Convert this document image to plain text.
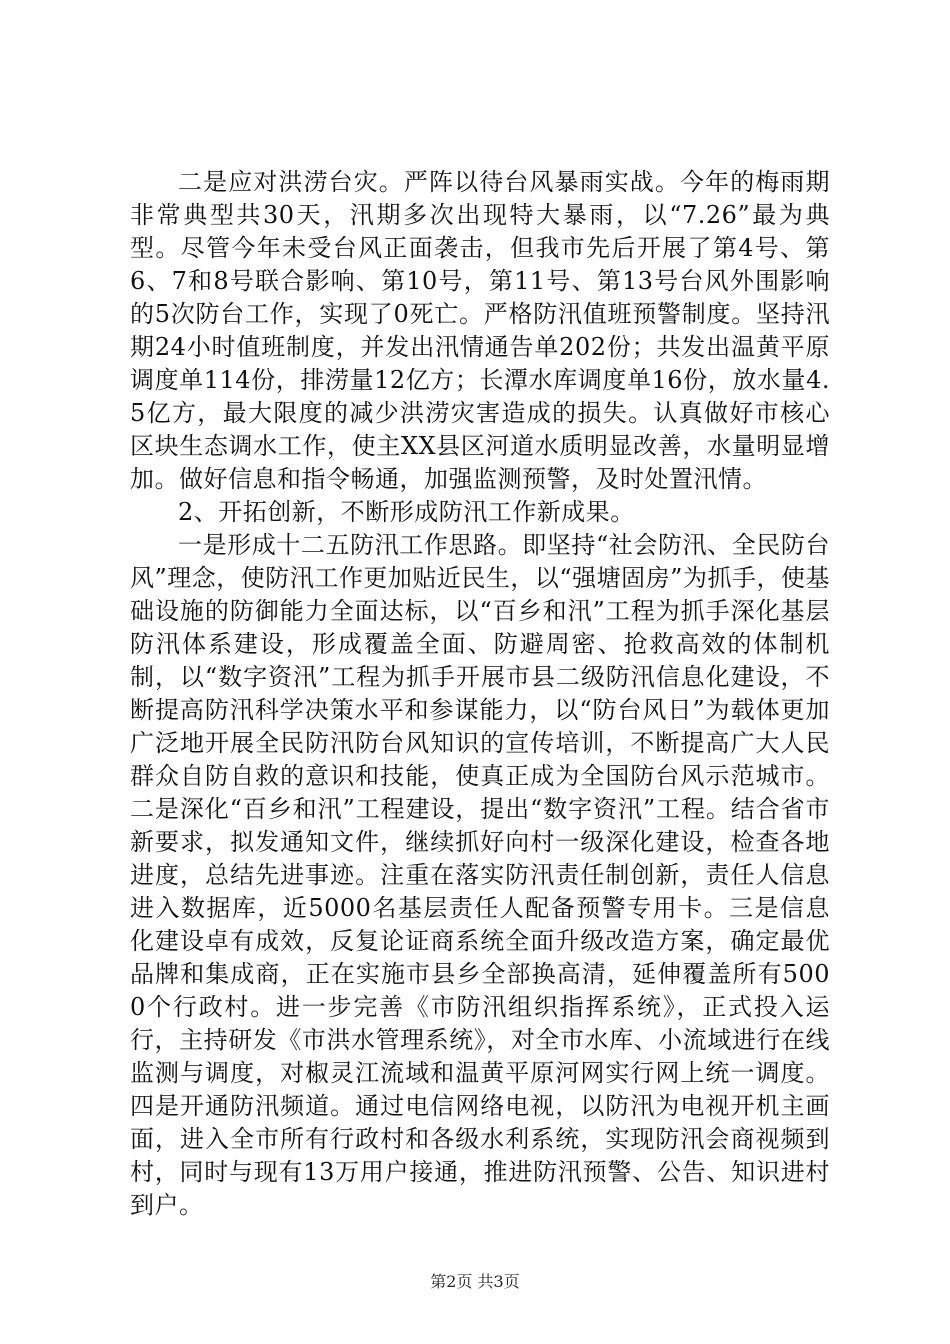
二是应对洪涝台灾。严阵以待台风暴雨实战。今年的梅雨期非常典型共30天，汛期多次出现特大暴雨，以“7.26”最为典型。尽管今年未受台风正面袭击，但我市先后开展了第4号、第6、7和8号联合影响、第10号，第11号、第13号台风外围影响的5次防台工作，实现了0死亡。严格防汛值班预警制度。坚持汛期24小时值班制度，并发出汛情通告单202份；共发出温黄平原调度单114份，排涝量12亿方；长潭水库调度单16份，放水量4.5亿方，最大限度的减少洪涝灾害造成的损失。认真做好市核心区块生态调水工作，使主XX县区河道水质明显改善，水量明显增加。做好信息和指令畅通，加强监测预警，及时处置汛情。

2、开拓创新，不断形成防汛工作新成果。

一是形成十二五防汛工作思路。即坚持“社会防汛、全民防台风”理念，使防汛工作更加贴近民生，以“强塘固房”为抓手，使基础设施的防御能力全面达标，以“百乡和汛”工程为抓手深化基层防汛体系建设，形成覆盖全面、防避周密、抢救高效的体制机制，以“数字资汛”工程为抓手开展市县二级防汛信息化建设，不断提高防汛科学决策水平和参谋能力，以“防台风日”为载体更加广泛地开展全民防汛防台风知识的宣传培训，不断提高广大人民群众自防自救的意识和技能，使真正成为全国防台风示范城市。二是深化“百乡和汛”工程建设，提出“数字资汛”工程。结合省市新要求，拟发通知文件，继续抓好向村一级深化建设，检查各地进度，总结先进事迹。注重在落实防汛责任制创新，责任人信息进入数据库，近5000名基层责任人配备预警专用卡。三是信息化建设卓有成效，反复论证商系统全面升级改造方案，确定最优品牌和集成商，正在实施市县乡全部换高清，延伸覆盖所有5000个行政村。进一步完善《市防汛组织指挥系统》，正式投入运行，主持研发《市洪水管理系统》，对全市水库、小流域进行在线监测与调度，对椒灵江流域和温黄平原河网实行网上统一调度。四是开通防汛频道。通过电信网络电视，以防汛为电视开机主画面，进入全市所有行政村和各级水利系统，实现防汛会商视频到村，同时与现有13万用户接通，推进防汛预警、公告、知识进村到户。

第2页 共3页
